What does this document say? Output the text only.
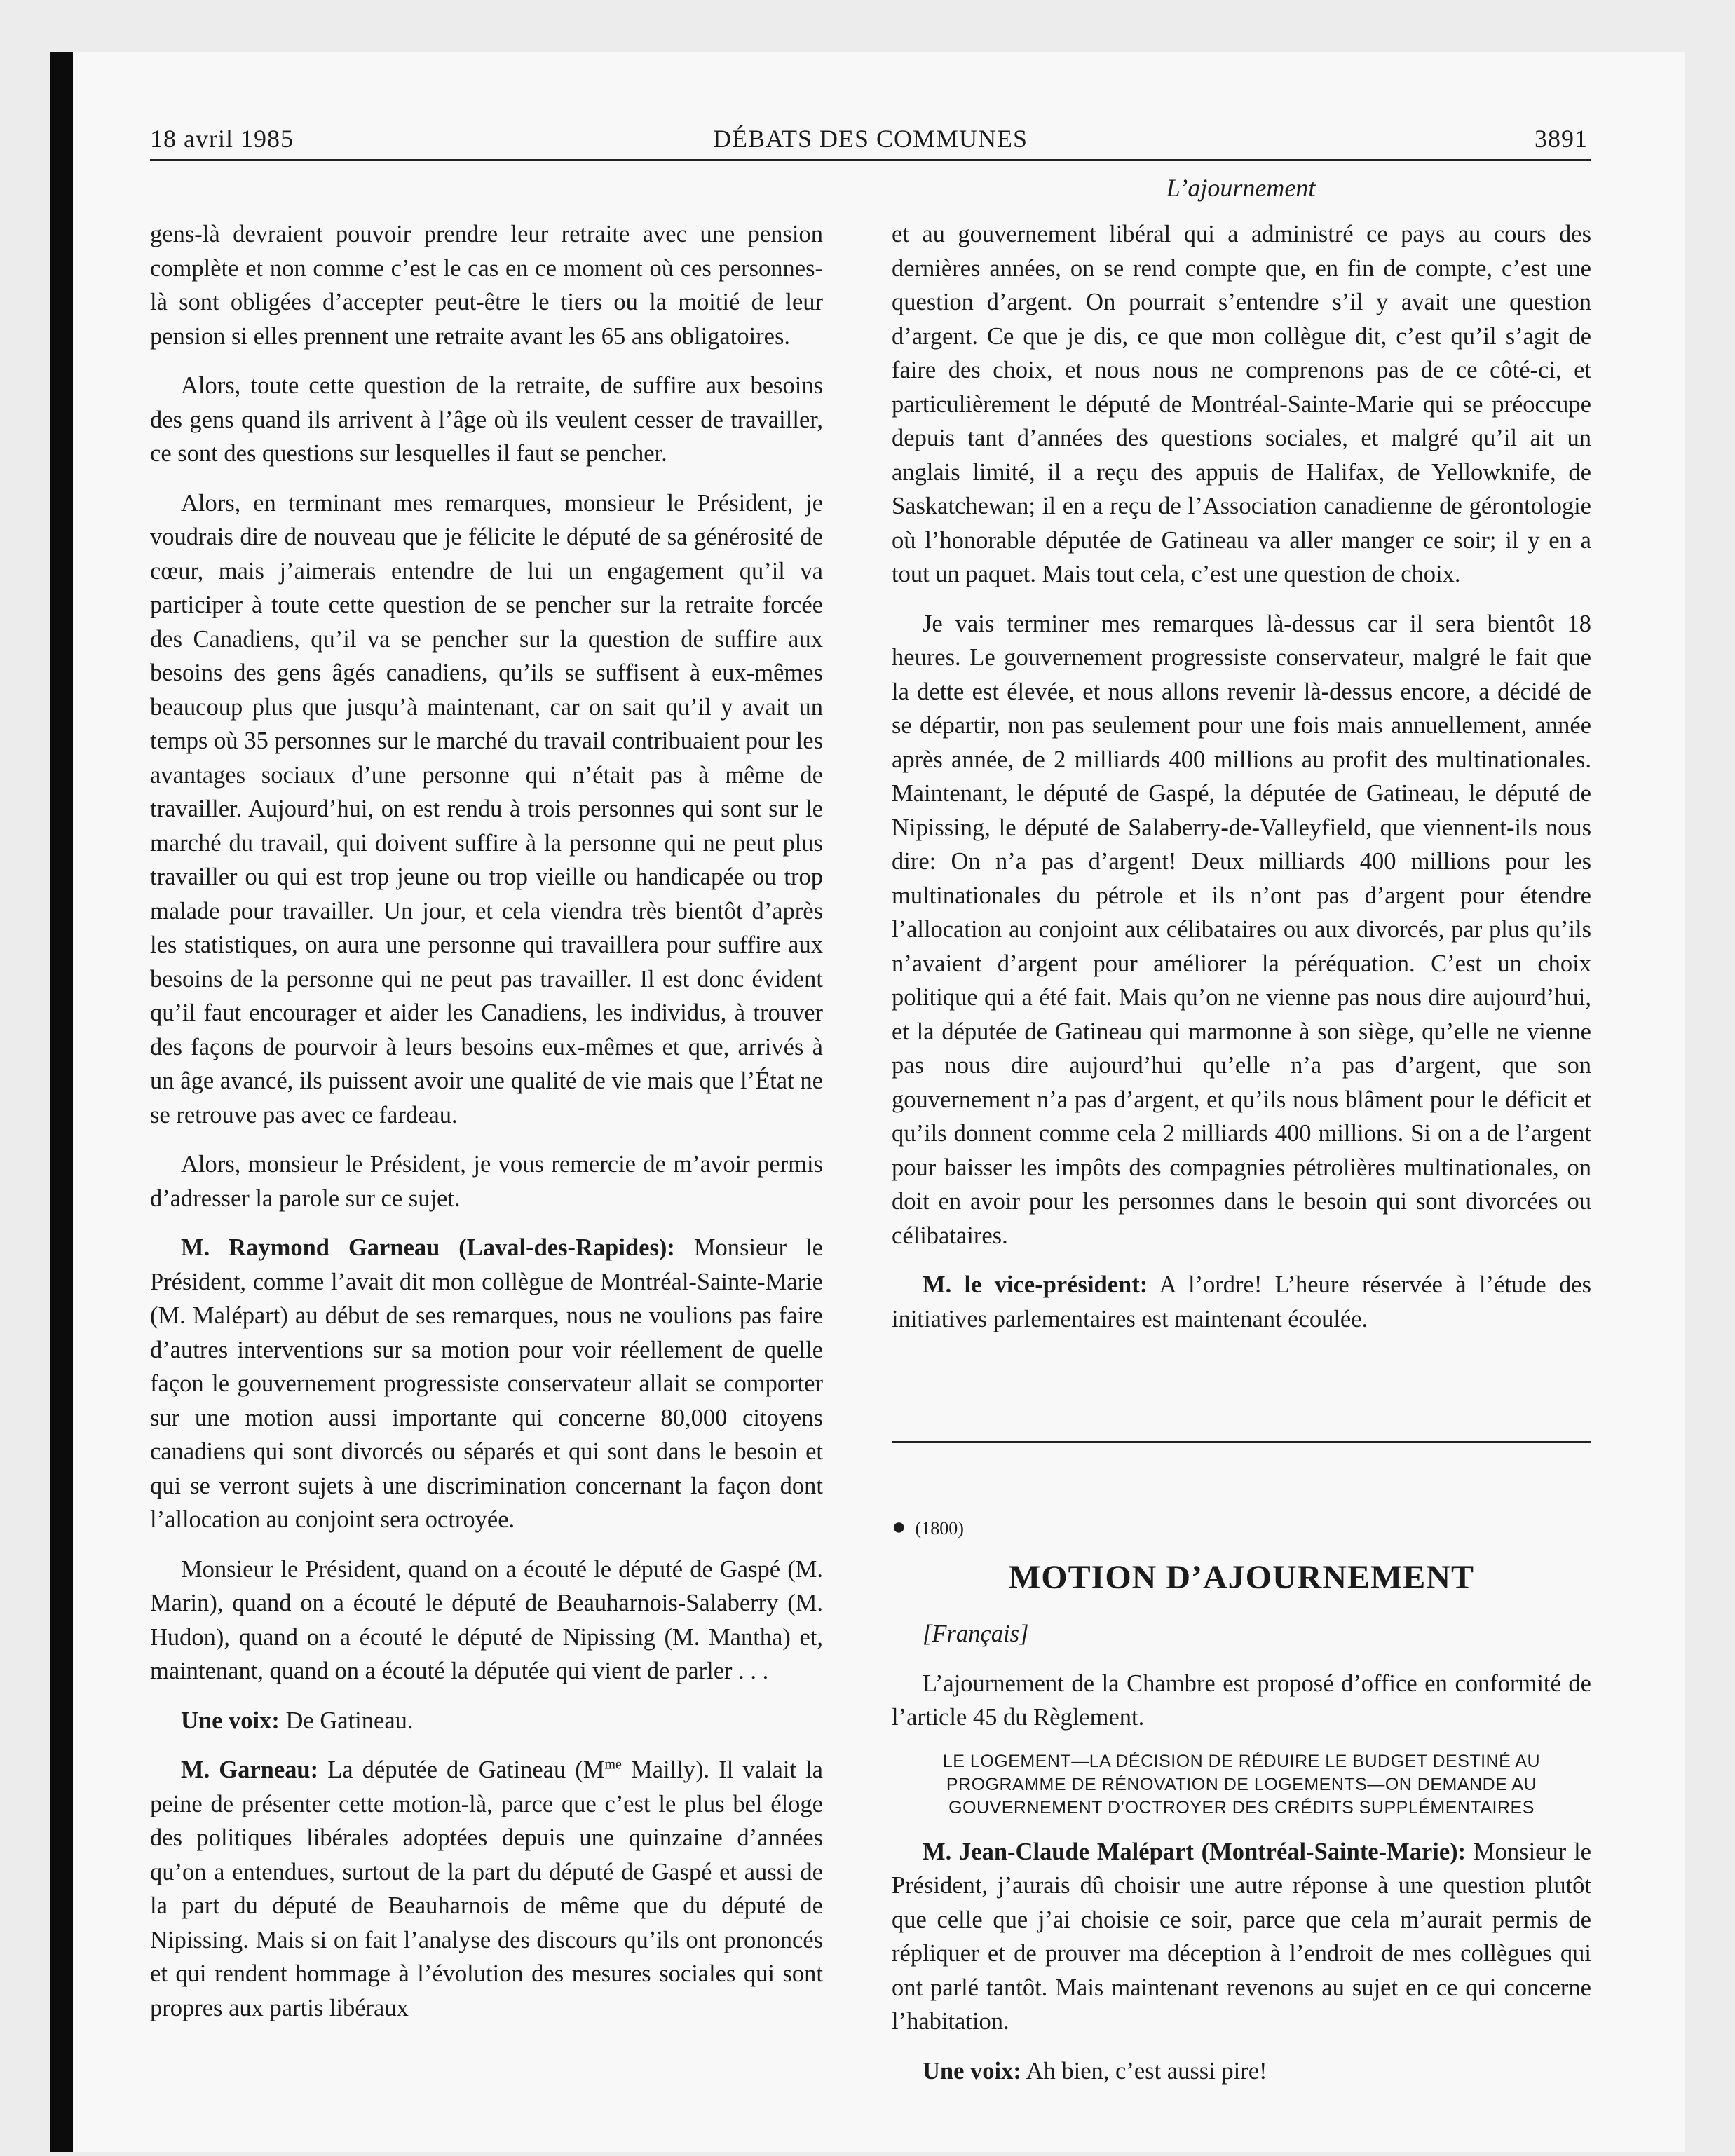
18 avril 1985	DÉBATS DES COMMUNES	3891
L’ajournement

gens-là devraient pouvoir prendre leur retraite avec une pension complète et non comme c’est le cas en ce moment où ces personnes-là sont obligées d’accepter peut-être le tiers ou la moitié de leur pension si elles prennent une retraite avant les 65 ans obligatoires.

Alors, toute cette question de la retraite, de suffire aux besoins des gens quand ils arrivent à l’âge où ils veulent cesser de travailler, ce sont des questions sur lesquelles il faut se pencher.

Alors, en terminant mes remarques, monsieur le Président, je voudrais dire de nouveau que je félicite le député de sa générosité de cœur, mais j’aimerais entendre de lui un engagement qu’il va participer à toute cette question de se pencher sur la retraite forcée des Canadiens, qu’il va se pencher sur la question de suffire aux besoins des gens âgés canadiens, qu’ils se suffisent à eux-mêmes beaucoup plus que jusqu’à maintenant, car on sait qu’il y avait un temps où 35 personnes sur le marché du travail contribuaient pour les avantages sociaux d’une personne qui n’était pas à même de travailler. Aujourd’hui, on est rendu à trois personnes qui sont sur le marché du travail, qui doivent suffire à la personne qui ne peut plus travailler ou qui est trop jeune ou trop vieille ou handicapée ou trop malade pour travailler. Un jour, et cela viendra très bientôt d’après les statistiques, on aura une personne qui travaillera pour suffire aux besoins de la personne qui ne peut pas travailler. Il est donc évident qu’il faut encourager et aider les Canadiens, les individus, à trouver des façons de pourvoir à leurs besoins eux-mêmes et que, arrivés à un âge avancé, ils puissent avoir une qualité de vie mais que l’État ne se retrouve pas avec ce fardeau.

Alors, monsieur le Président, je vous remercie de m’avoir permis d’adresser la parole sur ce sujet.

M. Raymond Garneau (Laval-des-Rapides): Monsieur le Président, comme l’avait dit mon collègue de Montréal-Sainte-Marie (M. Malépart) au début de ses remarques, nous ne voulions pas faire d’autres interventions sur sa motion pour voir réellement de quelle façon le gouvernement progressiste conservateur allait se comporter sur une motion aussi importante qui concerne 80,000 citoyens canadiens qui sont divorcés ou séparés et qui sont dans le besoin et qui se verront sujets à une discrimination concernant la façon dont l’allocation au conjoint sera octroyée.

Monsieur le Président, quand on a écouté le député de Gaspé (M. Marin), quand on a écouté le député de Beauharnois-Salaberry (M. Hudon), quand on a écouté le député de Nipissing (M. Mantha) et, maintenant, quand on a écouté la députée qui vient de parler . . .

Une voix: De Gatineau.

M. Garneau: La députée de Gatineau ($M^{me}$ Mailly). Il valait la peine de présenter cette motion-là, parce que c’est le plus bel éloge des politiques libérales adoptées depuis une quinzaine d’années qu’on a entendues, surtout de la part du député de Gaspé et aussi de la part du député de Beauharnois de même que du député de Nipissing. Mais si on fait l’analyse des discours qu’ils ont prononcés et qui rendent hommage à l’évolution des mesures sociales qui sont propres aux partis libéraux

et au gouvernement libéral qui a administré ce pays au cours des dernières années, on se rend compte que, en fin de compte, c’est une question d’argent. On pourrait s’entendre s’il y avait une question d’argent. Ce que je dis, ce que mon collègue dit, c’est qu’il s’agit de faire des choix, et nous nous ne comprenons pas de ce côté-ci, et particulièrement le député de Montréal-Sainte-Marie qui se préoccupe depuis tant d’années des questions sociales, et malgré qu’il ait un anglais limité, il a reçu des appuis de Halifax, de Yellowknife, de Saskatchewan; il en a reçu de l’Association canadienne de gérontologie où l’honorable députée de Gatineau va aller manger ce soir; il y en a tout un paquet. Mais tout cela, c’est une question de choix.

Je vais terminer mes remarques là-dessus car il sera bientôt 18 heures. Le gouvernement progressiste conservateur, malgré le fait que la dette est élevée, et nous allons revenir là-dessus encore, a décidé de se départir, non pas seulement pour une fois mais annuellement, année après année, de 2 milliards 400 millions au profit des multinationales. Maintenant, le député de Gaspé, la députée de Gatineau, le député de Nipissing, le député de Salaberry-de-Valleyfield, que viennent-ils nous dire: On n’a pas d’argent! Deux milliards 400 millions pour les multinationales du pétrole et ils n’ont pas d’argent pour étendre l’allocation au conjoint aux célibataires ou aux divorcés, par plus qu’ils n’avaient d’argent pour améliorer la péréquation. C’est un choix politique qui a été fait. Mais qu’on ne vienne pas nous dire aujourd’hui, et la députée de Gatineau qui marmonne à son siège, qu’elle ne vienne pas nous dire aujourd’hui qu’elle n’a pas d’argent, que son gouvernement n’a pas d’argent, et qu’ils nous blâment pour le déficit et qu’ils donnent comme cela 2 milliards 400 millions. Si on a de l’argent pour baisser les impôts des compagnies pétrolières multinationales, on doit en avoir pour les personnes dans le besoin qui sont divorcées ou célibataires.

M. le vice-président: A l’ordre! L’heure réservée à l’étude des initiatives parlementaires est maintenant écoulée.

● (1800)
MOTION D’AJOURNEMENT

[Français]

L’ajournement de la Chambre est proposé d’office en conformité de l’article 45 du Règlement.

LE LOGEMENT—LA DÉCISION DE RÉDUIRE LE BUDGET DESTINÉ AU PROGRAMME DE RÉNOVATION DE LOGEMENTS—ON DEMANDE AU GOUVERNEMENT D’OCTROYER DES CRÉDITS SUPPLÉMENTAIRES

M. Jean-Claude Malépart (Montréal-Sainte-Marie): Monsieur le Président, j’aurais dû choisir une autre réponse à une question plutôt que celle que j’ai choisie ce soir, parce que cela m’aurait permis de répliquer et de prouver ma déception à l’endroit de mes collègues qui ont parlé tantôt. Mais maintenant revenons au sujet en ce qui concerne l’habitation.

Une voix: Ah bien, c’est aussi pire!
